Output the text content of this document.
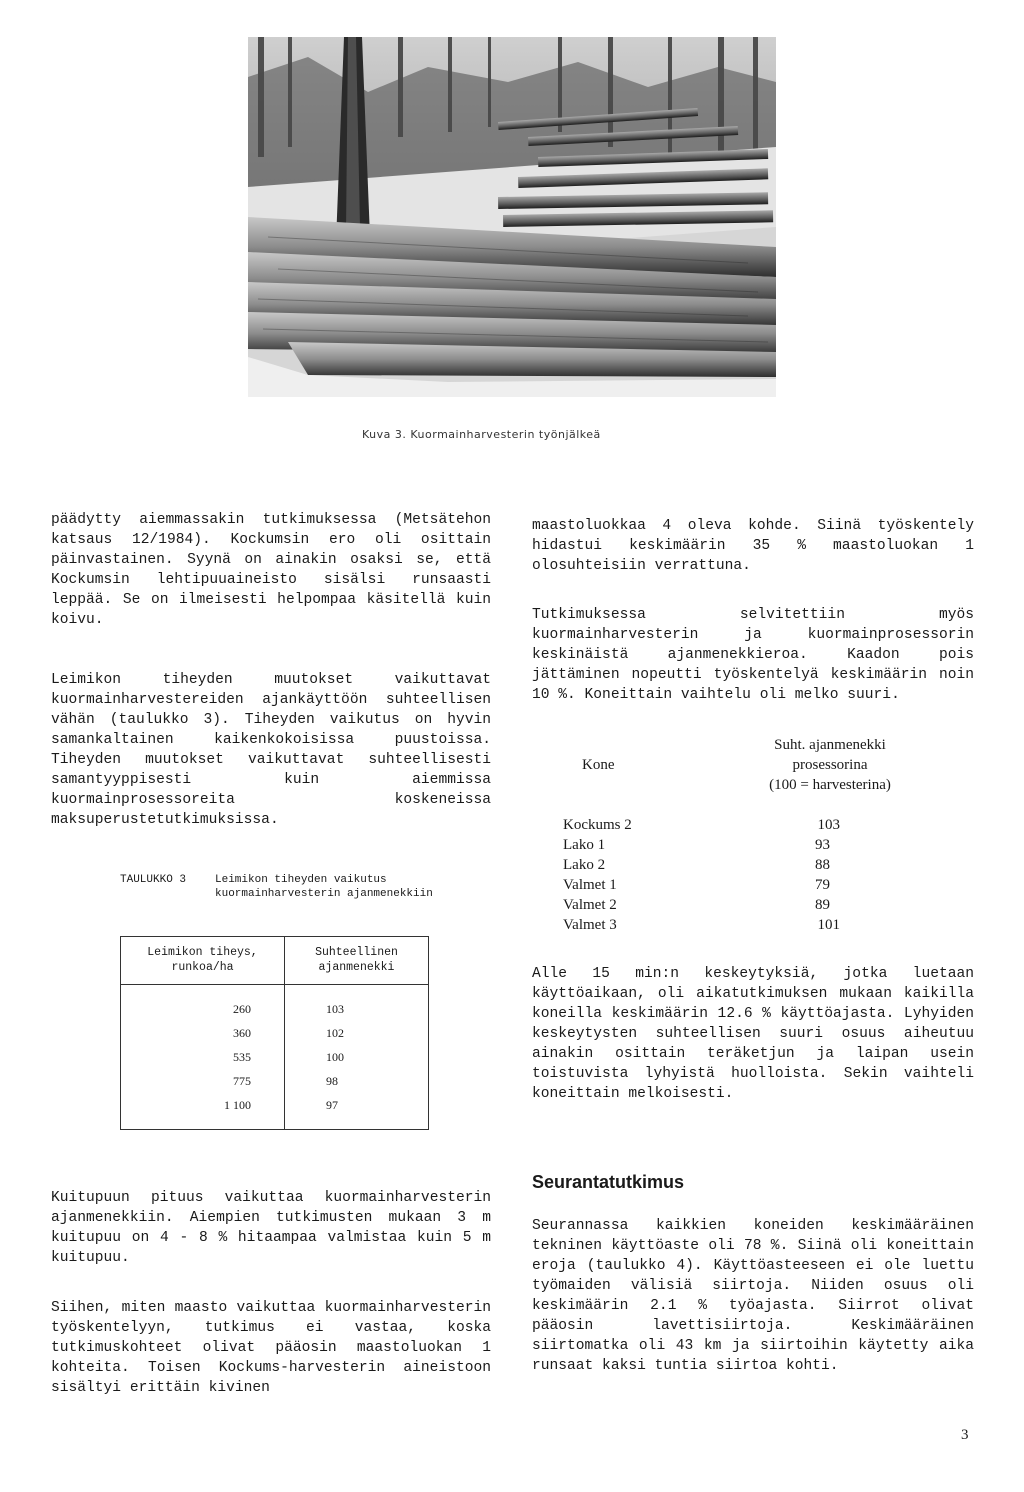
Kuva 3. Kuormainharvesterin työnjälkeä

päädytty aiemmassakin tutkimuksessa (Metsätehon katsaus 12/1984). Kockumsin ero oli osittain päinvastainen. Syynä on ainakin osaksi se, että Kockumsin lehtipuuaineisto sisälsi runsaasti leppää. Se on ilmeisesti helpompaa käsitellä kuin koivu.

Leimikon tiheyden muutokset vaikuttavat kuormainharvestereiden ajankäyttöön suhteellisen vähän (taulukko 3). Tiheyden vaikutus on hyvin samankaltainen kaikenkokoisissa puustoissa. Tiheyden muutokset vaikuttavat suhteellisesti samantyyppisesti kuin aiemmissa kuormainprosessoreita koskeneissa maksuperustetutkimuksissa.

TAULUKKO 3	Leimikon tiheyden vaikutus kuormainharvesterin ajanmenekkiin
Leimikon tiheys,
runkoa/ha
Suhteellinen
ajanmenekki
260	103
360	102
535	100
775	98
1 100	97

Kuitupuun pituus vaikuttaa kuormainharvesterin ajanmenekkiin. Aiempien tutkimusten mukaan 3 m kuitupuu on 4 - 8 % hitaampaa valmistaa kuin 5 m kuitupuu.

Siihen, miten maasto vaikuttaa kuormainharvesterin työskentelyyn, tutkimus ei vastaa, koska tutkimuskohteet olivat pääosin maastoluokan 1 kohteita. Toisen Kockums-harvesterin aineistoon sisältyi erittäin kivinen

maastoluokkaa 4 oleva kohde. Siinä työskentely hidastui keskimäärin 35 % maastoluokan 1 olosuhteisiin verrattuna.

Tutkimuksessa selvitettiin myös kuormainharvesterin ja kuormainprosessorin keskinäistä ajanmenekkieroa. Kaadon pois jättäminen nopeutti työskentelyä keskimäärin noin 10 %. Koneittain vaihtelu oli melko suuri.

Kone
Suht. ajanmenekki
prosessorina
(100 = harvesterina)
Kockums 2	103
Lako 1	93
Lako 2	88
Valmet 1	79
Valmet 2	89
Valmet 3	101

Alle 15 min:n keskeytyksiä, jotka luetaan käyttöaikaan, oli aikatutkimuksen mukaan kaikilla koneilla keskimäärin 12.6 % käyttöajasta. Lyhyiden keskeytysten suhteellisen suuri osuus aiheutuu ainakin osittain teräketjun ja laipan usein toistuvista lyhyistä huolloista. Sekin vaihteli koneittain melkoisesti.

Seurantatutkimus

Seurannassa kaikkien koneiden keskimääräinen tekninen käyttöaste oli 78 %. Siinä oli koneittain eroja (taulukko 4). Käyttöasteeseen ei ole luettu työmaiden välisiä siirtoja. Niiden osuus oli keskimäärin 2.1 % työajasta. Siirrot olivat pääosin lavettisiirtoja. Keskimääräinen siirtomatka oli 43 km ja siirtoihin käytetty aika runsaat kaksi tuntia siirtoa kohti.

3
